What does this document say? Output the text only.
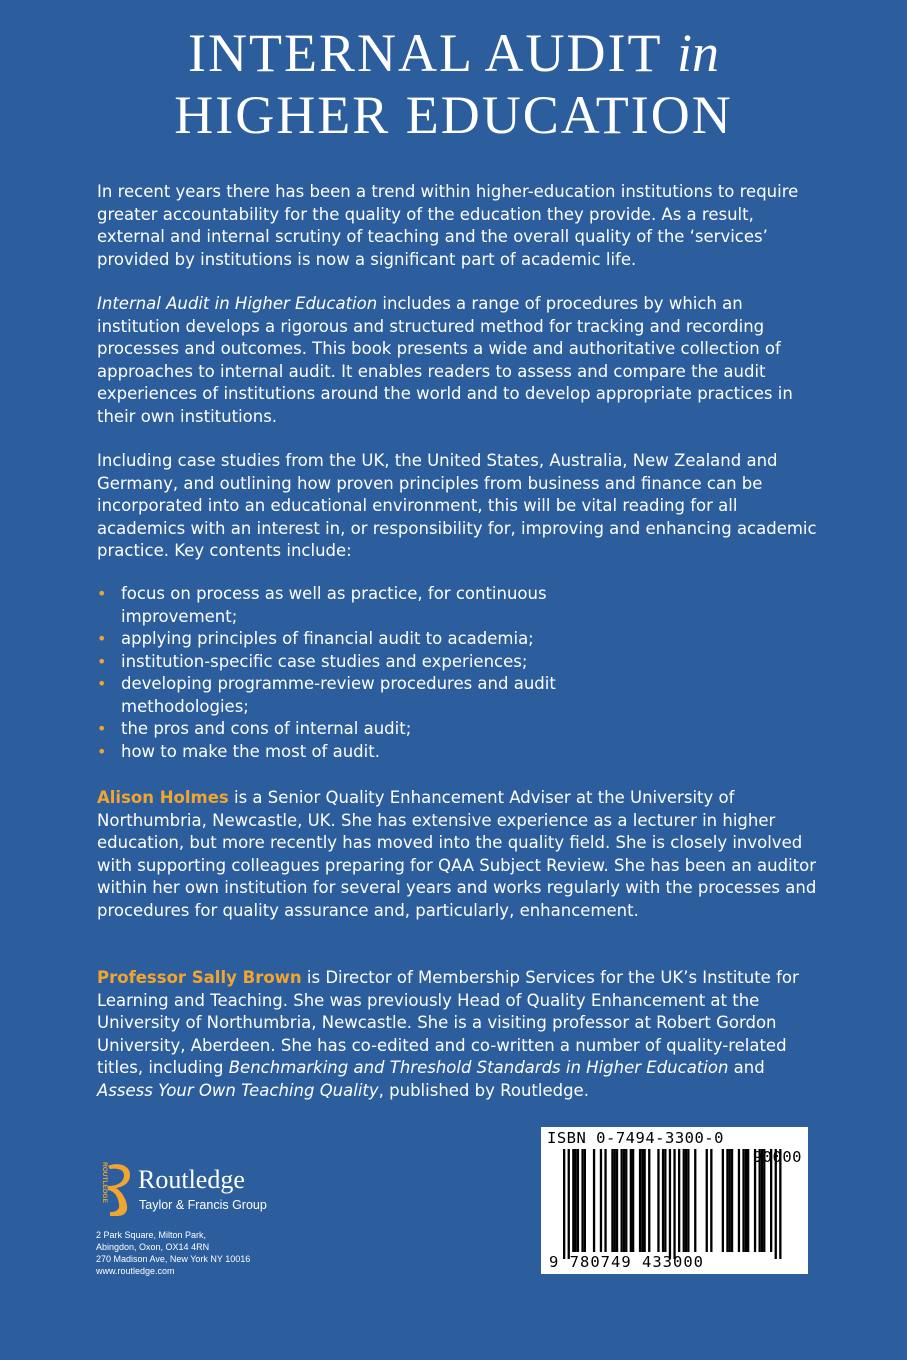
INTERNAL AUDIT in
HIGHER EDUCATION

In recent years there has been a trend within higher-education institutions to require greater accountability for the quality of the education they provide. As a result, external and internal scrutiny of teaching and the overall quality of the ‘services’ provided by institutions is now a significant part of academic life.

Internal Audit in Higher Education includes a range of procedures by which an institution develops a rigorous and structured method for tracking and recording processes and outcomes. This book presents a wide and authoritative collection of approaches to internal audit. It enables readers to assess and compare the audit experiences of institutions around the world and to develop appropriate practices in their own institutions.

Including case studies from the UK, the United States, Australia, New Zealand and Germany, and outlining how proven principles from business and finance can be incorporated into an educational environment, this will be vital reading for all academics with an interest in, or responsibility for, improving and enhancing academic practice. Key contents include:

• focus on process as well as practice, for continuous improvement;
• applying principles of financial audit to academia;
• institution-specific case studies and experiences;
• developing programme-review procedures and audit methodologies;
• the pros and cons of internal audit;
• how to make the most of audit.

Alison Holmes is a Senior Quality Enhancement Adviser at the University of Northumbria, Newcastle, UK. She has extensive experience as a lecturer in higher education, but more recently has moved into the quality field. She is closely involved with supporting colleagues preparing for QAA Subject Review. She has been an auditor within her own institution for several years and works regularly with the processes and procedures for quality assurance and, particularly, enhancement.

Professor Sally Brown is Director of Membership Services for the UK’s Institute for Learning and Teaching. She was previously Head of Quality Enhancement at the University of Northumbria, Newcastle. She is a visiting professor at Robert Gordon University, Aberdeen. She has co-edited and co-written a number of quality-related titles, including Benchmarking and Threshold Standards in Higher Education and Assess Your Own Teaching Quality, published by Routledge.

ROUTLEDGE Routledge
Taylor & Francis Group
2 Park Square, Milton Park,
Abingdon, Oxon, OX14 4RN
270 Madison Ave, New York NY 10016
www.routledge.com
ISBN 0-7494-3300-0
90000
9 780749 433000
